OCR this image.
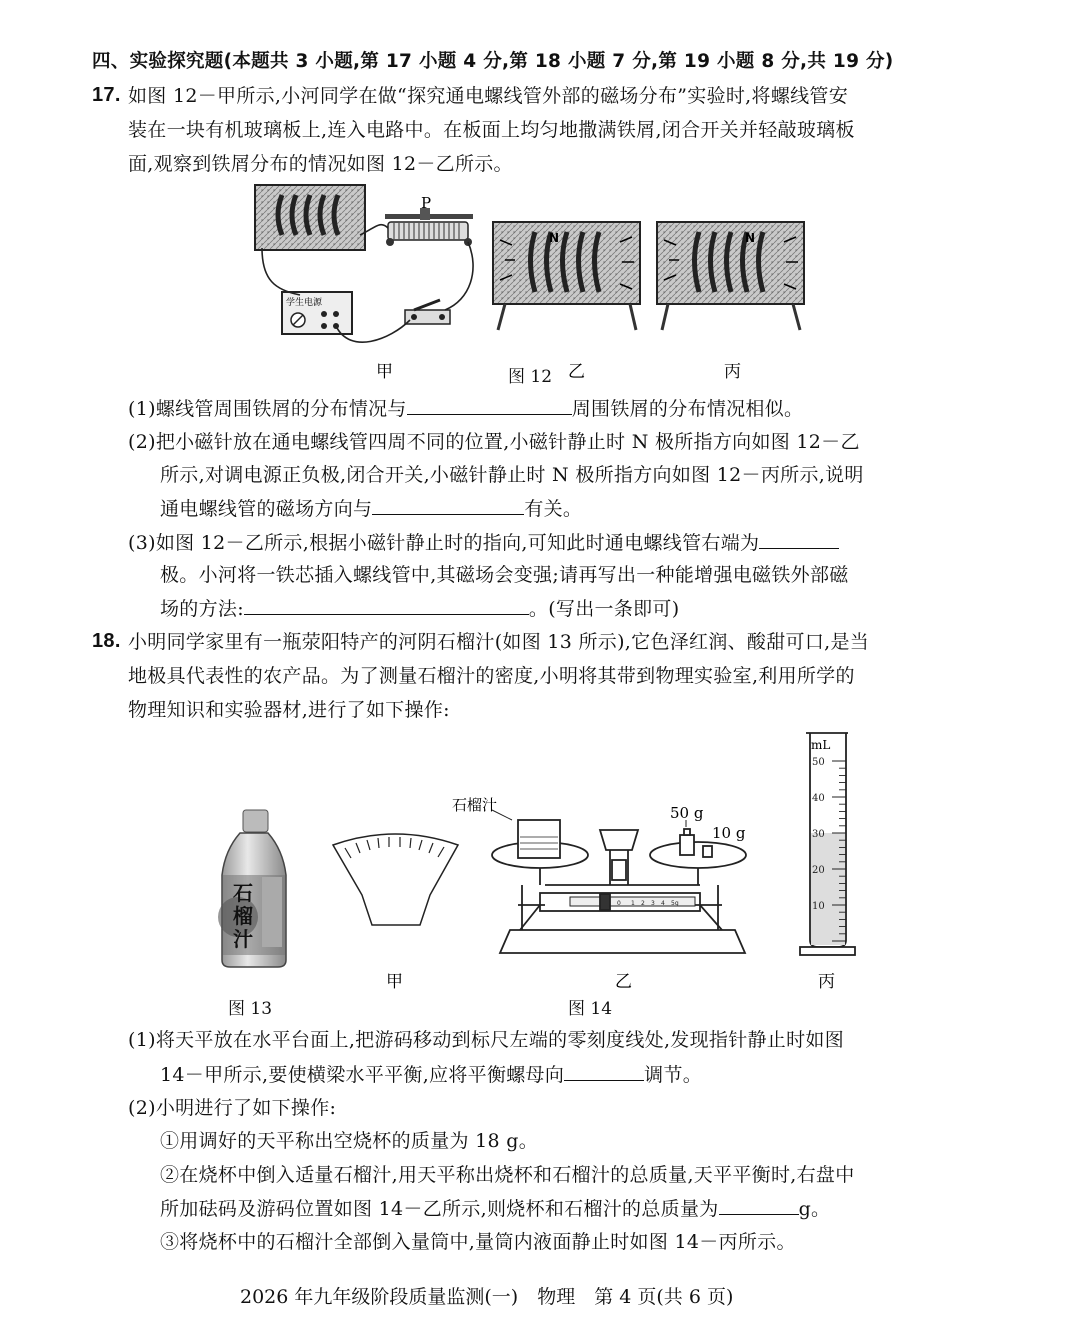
四、实验探究题(本题共 3 小题,第 17 小题 4 分,第 18 小题 7 分,第 19 小题 8 分,共 19 分)
17. 如图 12－甲所示,小河同学在做“探究通电螺线管外部的磁场分布”实验时,将螺线管安
装在一块有机玻璃板上,连入电路中。在板面上均匀地撒满铁屑,闭合开关并轻敲玻璃板
面,观察到铁屑分布的情况如图 12－乙所示。
P
学生电源
甲
N
乙
N
丙
图 12
(1)螺线管周围铁屑的分布情况与	周围铁屑的分布情况相似。
(2)把小磁针放在通电螺线管四周不同的位置,小磁针静止时 N 极所指方向如图 12－乙
所示,对调电源正负极,闭合开关,小磁针静止时 N 极所指方向如图 12－丙所示,说明
通电螺线管的磁场方向与	有关。
(3)如图 12－乙所示,根据小磁针静止时的指向,可知此时通电螺线管右端为
极。小河将一铁芯插入螺线管中,其磁场会变强;请再写出一种能增强电磁铁外部磁
场的方法:	。(写出一条即可)
18. 小明同学家里有一瓶荥阳特产的河阴石榴汁(如图 13 所示),它色泽红润、酸甜可口,是当
地极具代表性的农产品。为了测量石榴汁的密度,小明将其带到物理实验室,利用所学的
物理知识和实验器材,进行了如下操作:
石
榴
汁
甲
石榴汁	50 g
10 g
0 1 2 3 4 5g
乙
mL
50
40
30
20
10
丙
图 13	图 14
(1)将天平放在水平台面上,把游码移动到标尺左端的零刻度线处,发现指针静止时如图
14－甲所示,要使横梁水平平衡,应将平衡螺母向	调节。
(2)小明进行了如下操作:
①用调好的天平称出空烧杯的质量为 18 g。
②在烧杯中倒入适量石榴汁,用天平称出烧杯和石榴汁的总质量,天平平衡时,右盘中
所加砝码及游码位置如图 14－乙所示,则烧杯和石榴汁的总质量为	g。
③将烧杯中的石榴汁全部倒入量筒中,量筒内液面静止时如图 14－丙所示。
2026 年九年级阶段质量监测(一)　物理　第 4 页(共 6 页)
